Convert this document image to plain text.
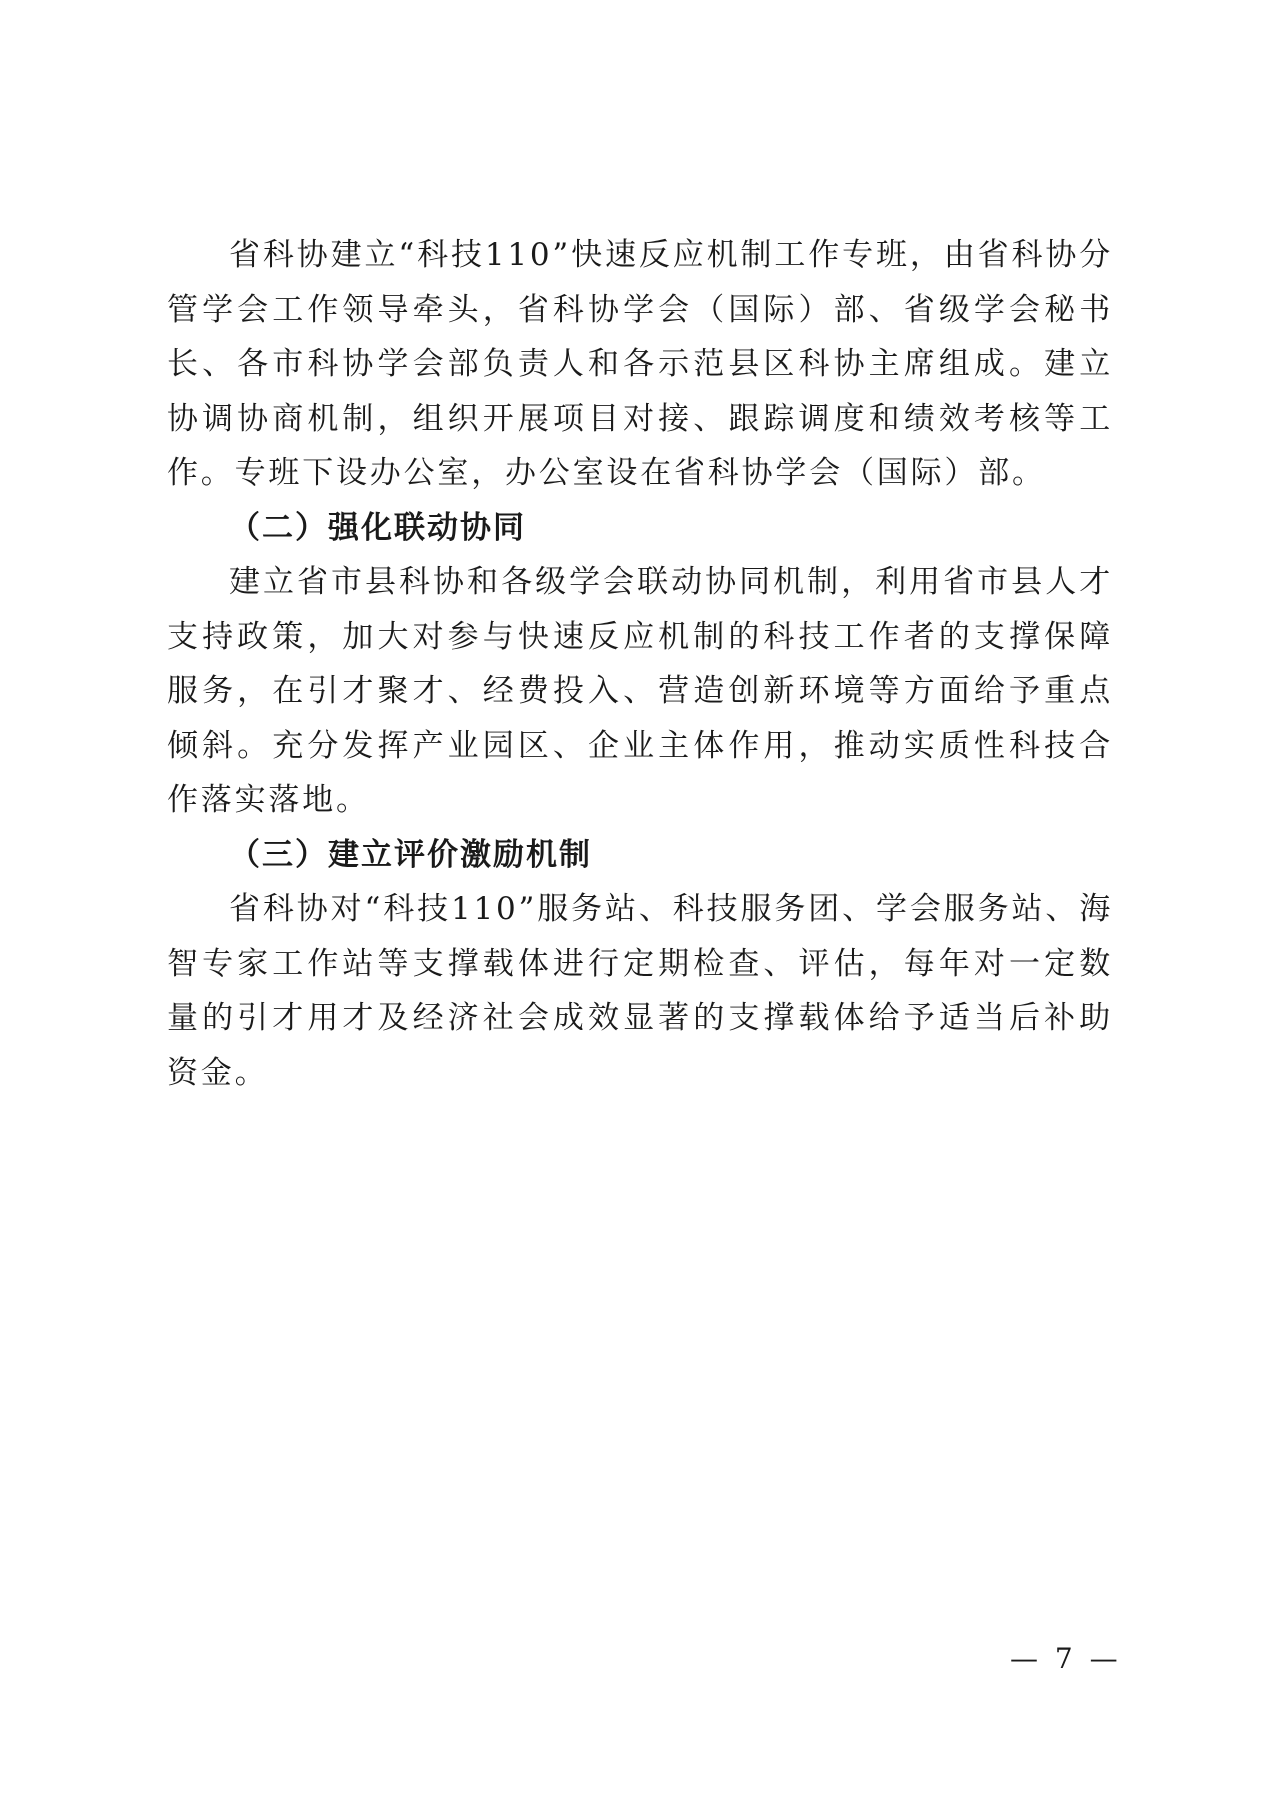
省科协建立“科技110”快速反应机制工作专班，由省科协分管学会工作领导牵头，省科协学会（国际）部、省级学会秘书长、各市科协学会部负责人和各示范县区科协主席组成。建立协调协商机制，组织开展项目对接、跟踪调度和绩效考核等工作。专班下设办公室，办公室设在省科协学会（国际）部。

（二）强化联动协同

建立省市县科协和各级学会联动协同机制，利用省市县人才支持政策，加大对参与快速反应机制的科技工作者的支撑保障服务，在引才聚才、经费投入、营造创新环境等方面给予重点倾斜。充分发挥产业园区、企业主体作用，推动实质性科技合作落实落地。

（三）建立评价激励机制

省科协对“科技110”服务站、科技服务团、学会服务站、海智专家工作站等支撑载体进行定期检查、评估，每年对一定数量的引才用才及经济社会成效显著的支撑载体给予适当后补助资金。

— 7 —
